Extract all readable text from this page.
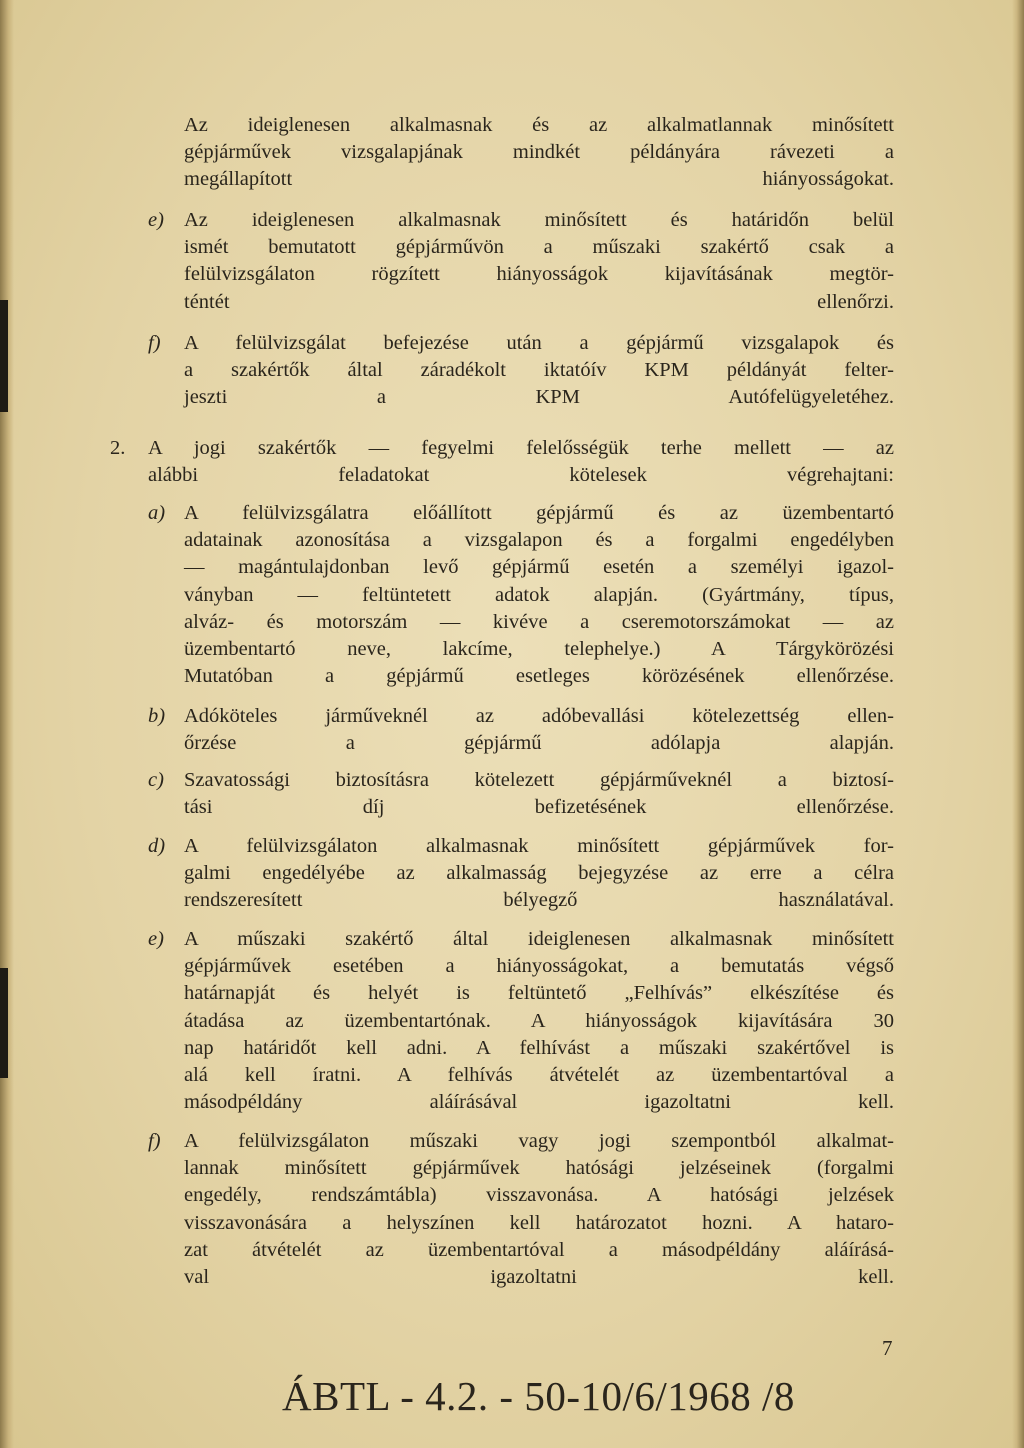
Az ideiglenesen alkalmasnak és az alkalmatlannak minősített
gépjárművek vizsgalapjának mindkét példányára rávezeti a
megállapított hiányosságokat.
e) Az ideiglenesen alkalmasnak minősített és határidőn belül
ismét bemutatott gépjárművön a műszaki szakértő csak a
felülvizsgálaton rögzített hiányosságok kijavításának megtör-
téntét ellenőrzi.
f) A felülvizsgálat befejezése után a gépjármű vizsgalapok és
a szakértők által záradékolt iktatóív KPM példányát felter-
jeszti a KPM Autófelügyeletéhez.
2. A jogi szakértők — fegyelmi felelősségük terhe mellett — az
alábbi feladatokat kötelesek végrehajtani:
a) A felülvizsgálatra előállított gépjármű és az üzembentartó
adatainak azonosítása a vizsgalapon és a forgalmi engedélyben
— magántulajdonban levő gépjármű esetén a személyi igazol-
ványban — feltüntetett adatok alapján. (Gyártmány, típus,
alváz- és motorszám — kivéve a cseremotorszámokat — az
üzembentartó neve, lakcíme, telephelye.) A Tárgykörözési
Mutatóban a gépjármű esetleges körözésének ellenőrzése.
b) Adóköteles járműveknél az adóbevallási kötelezettség ellen-
őrzése a gépjármű adólapja alapján.
c) Szavatossági biztosításra kötelezett gépjárműveknél a biztosí-
tási díj befizetésének ellenőrzése.
d) A felülvizsgálaton alkalmasnak minősített gépjárművek for-
galmi engedélyébe az alkalmasság bejegyzése az erre a célra
rendszeresített bélyegző használatával.
e) A műszaki szakértő által ideiglenesen alkalmasnak minősített
gépjárművek esetében a hiányosságokat, a bemutatás végső
határnapját és helyét is feltüntető „Felhívás” elkészítése és
átadása az üzembentartónak. A hiányosságok kijavítására 30
nap határidőt kell adni. A felhívást a műszaki szakértővel is
alá kell íratni. A felhívás átvételét az üzembentartóval a
másodpéldány aláírásával igazoltatni kell.
f) A felülvizsgálaton műszaki vagy jogi szempontból alkalmat-
lannak minősített gépjárművek hatósági jelzéseinek (forgalmi
engedély, rendszámtábla) visszavonása. A hatósági jelzések
visszavonására a helyszínen kell határozatot hozni. A hataro-
zat átvételét az üzembentartóval a másodpéldány aláírásá-
val igazoltatni kell.
7
ÁBTL - 4.2. - 50-10/6/1968 /8
